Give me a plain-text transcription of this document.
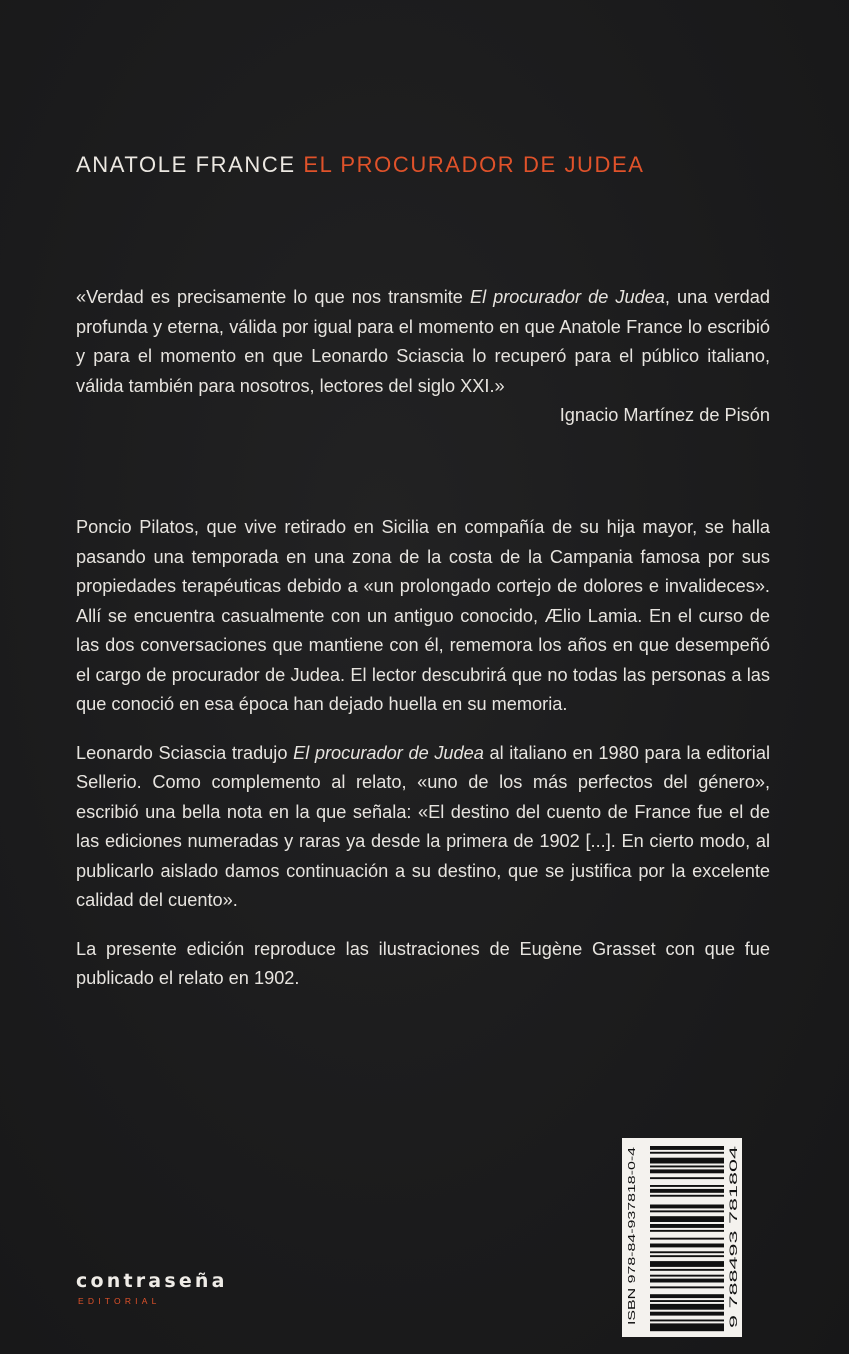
ANATOLE FRANCE EL PROCURADOR DE JUDEA
«Verdad es precisamente lo que nos transmite El procurador de Judea, una verdad profunda y eterna, válida por igual para el momento en que Anatole France lo escribió y para el momento en que Leonardo Sciascia lo recuperó para el público italiano, válida también para nosotros, lectores del siglo XXI.»
Ignacio Martínez de Pisón

Poncio Pilatos, que vive retirado en Sicilia en compañía de su hija mayor, se halla pasando una temporada en una zona de la costa de la Campania famosa por sus propiedades terapéuticas debido a «un prolongado cortejo de dolores e invalideces». Allí se encuentra casualmente con un antiguo conocido, Ælio Lamia. En el curso de las dos conversaciones que mantiene con él, rememora los años en que desempeñó el cargo de procurador de Judea. El lector descubrirá que no todas las personas a las que conoció en esa época han dejado huella en su memoria.

Leonardo Sciascia tradujo El procurador de Judea al italiano en 1980 para la editorial Sellerio. Como complemento al relato, «uno de los más perfectos del género», escribió una bella nota en la que señala: «El destino del cuento de France fue el de las ediciones numeradas y raras ya desde la primera de 1902 [...]. En cierto modo, al publicarlo aislado damos continuación a su destino, que se justifica por la excelente calidad del cuento».

La presente edición reproduce las ilustraciones de Eugène Grasset con que fue publicado el relato en 1902.

ISBN 978-84-937818-0-4	9 788493 781804
contraseña
EDITORIAL
